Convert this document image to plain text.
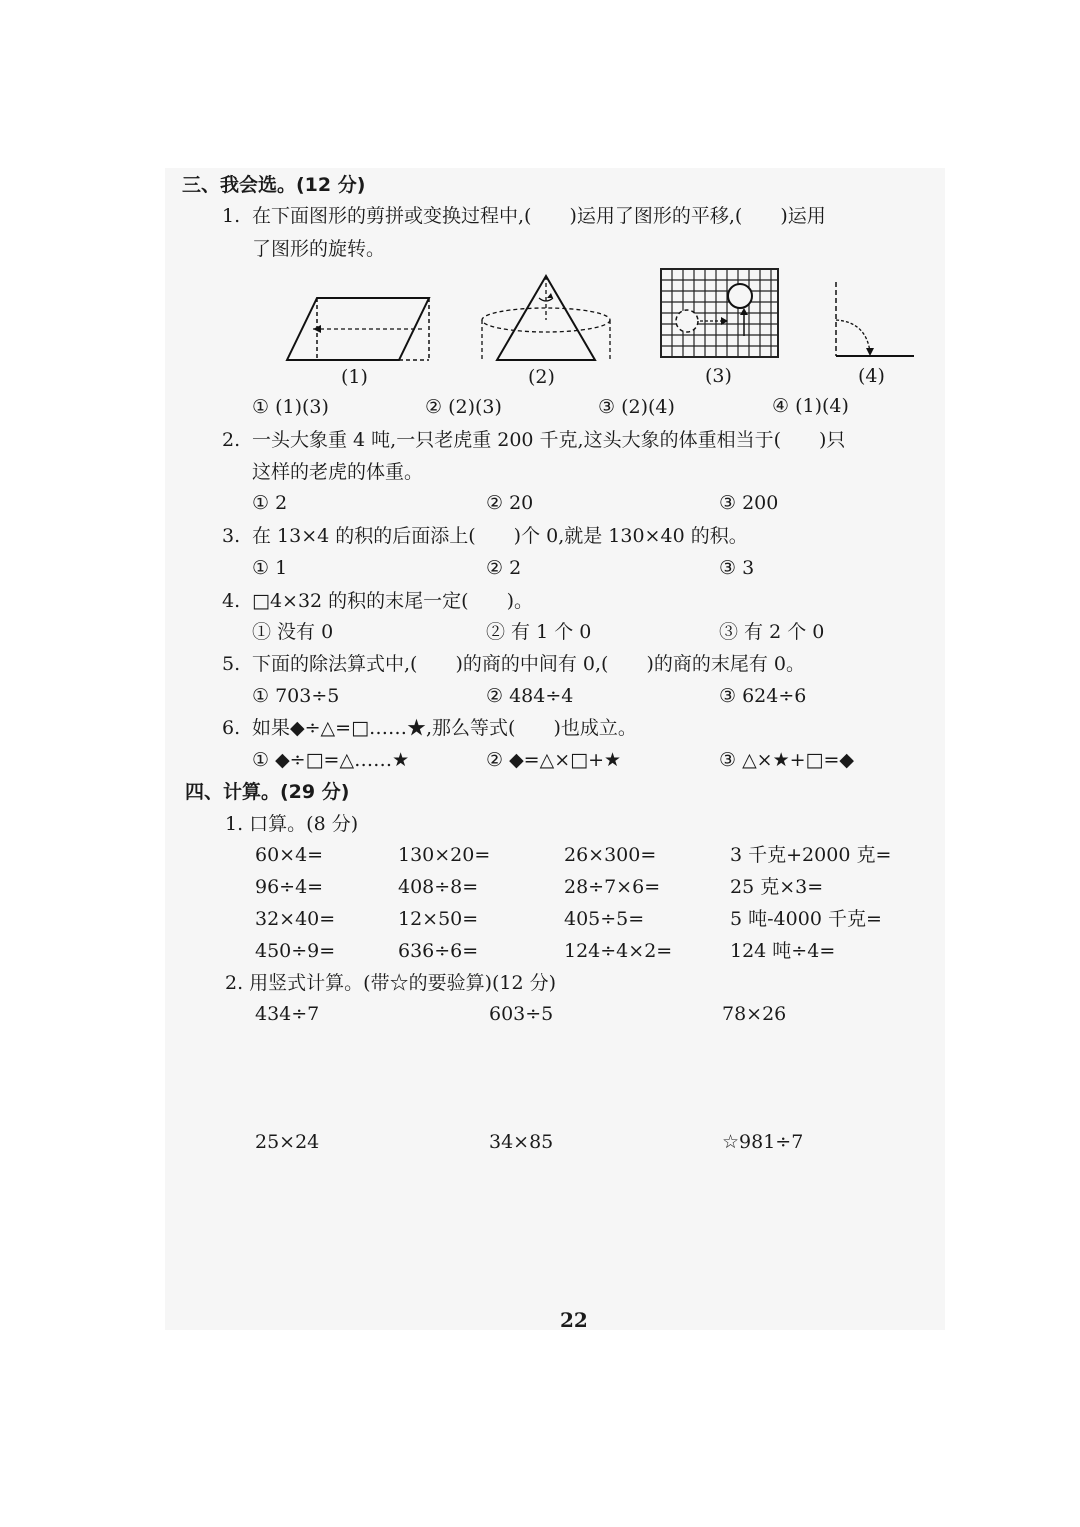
三、我会选。(12 分)
1. 在下面图形的剪拼或变换过程中,(　　)运用了图形的平移,(　　)运用
了图形的旋转。
(1)	(2)	(3)	(4)
① (1)(3)	② (2)(3)	③ (2)(4)	④ (1)(4)
2. 一头大象重 4 吨,一只老虎重 200 千克,这头大象的体重相当于(　　)只
这样的老虎的体重。
① 2	② 20	③ 200
3. 在 13×4 的积的后面添上(　　)个 0,就是 130×40 的积。
① 1	② 2	③ 3
4. □4×32 的积的末尾一定(　　)。
① 没有 0	② 有 1 个 0	③ 有 2 个 0
5. 下面的除法算式中,(　　)的商的中间有 0,(　　)的商的末尾有 0。
① 703÷5	② 484÷4	③ 624÷6
6. 如果◆÷△=□……★,那么等式(　　)也成立。
① ◆÷□=△……★	② ◆=△×□+★	③ △×★+□=◆
四、计算。(29 分)
1. 口算。(8 分)
60×4=	130×20=	26×300=	3 千克+2000 克=
96÷4=	408÷8=	28÷7×6=	25 克×3=
32×40=	12×50=	405÷5=	5 吨-4000 千克=
450÷9=	636÷6=	124÷4×2=	124 吨÷4=
2. 用竖式计算。(带☆的要验算)(12 分)
434÷7	603÷5	78×26
25×24	34×85	☆981÷7
22
